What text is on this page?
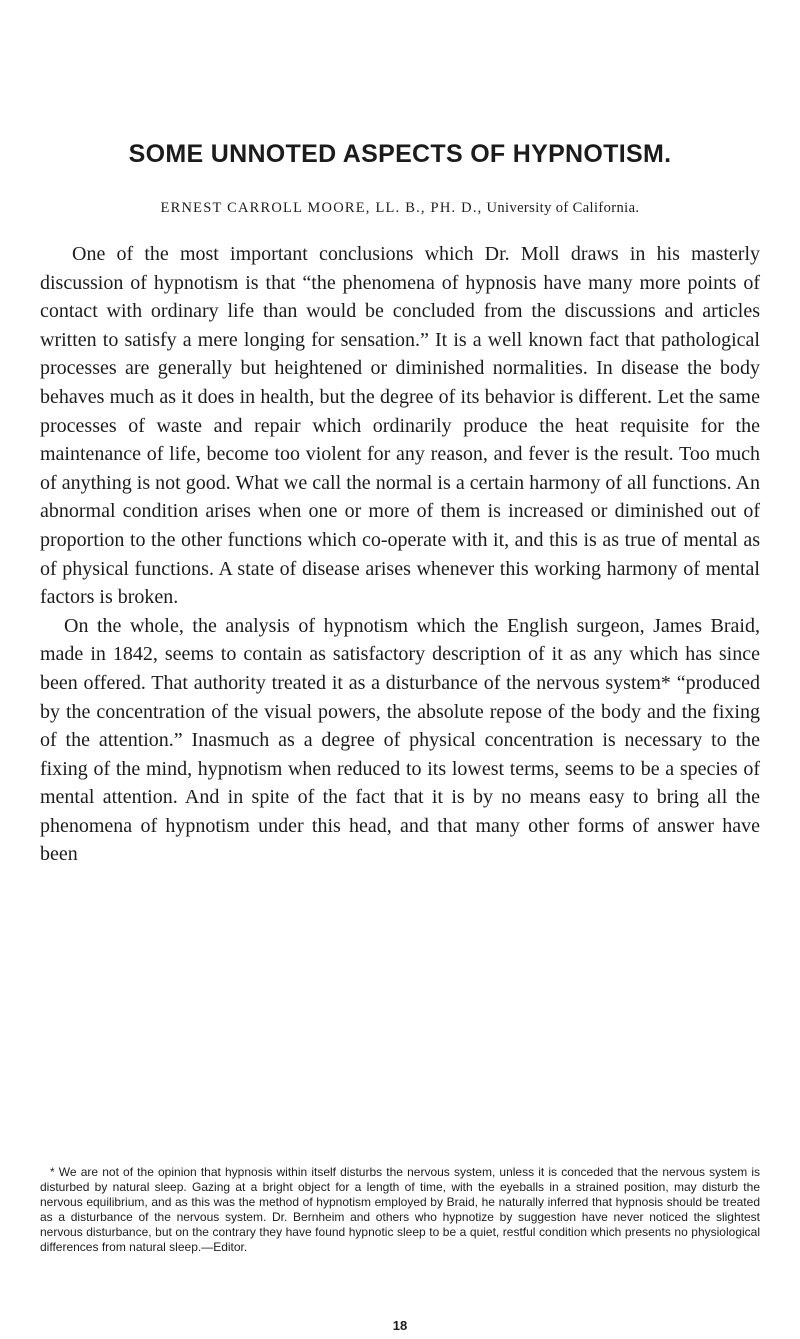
SOME UNNOTED ASPECTS OF HYPNOTISM.
ERNEST CARROLL MOORE, LL. B., PH. D., University of California.

One of the most important conclusions which Dr. Moll draws in his masterly discussion of hypnotism is that “the phenomena of hypnosis have many more points of contact with ordinary life than would be concluded from the discussions and articles written to satisfy a mere longing for sensation.” It is a well known fact that pathological processes are generally but heightened or diminished normalities. In disease the body behaves much as it does in health, but the degree of its behavior is different. Let the same processes of waste and repair which ordinarily produce the heat requisite for the maintenance of life, become too violent for any reason, and fever is the result. Too much of anything is not good. What we call the normal is a certain harmony of all functions. An abnormal condition arises when one or more of them is increased or diminished out of proportion to the other functions which co-operate with it, and this is as true of mental as of physical functions. A state of disease arises whenever this working harmony of mental factors is broken.

On the whole, the analysis of hypnotism which the English surgeon, James Braid, made in 1842, seems to contain as satisfactory description of it as any which has since been offered. That authority treated it as a disturbance of the nervous system* “produced by the concentration of the visual powers, the absolute repose of the body and the fixing of the attention.” Inasmuch as a degree of physical concentration is necessary to the fixing of the mind, hypnotism when reduced to its lowest terms, seems to be a species of mental attention. And in spite of the fact that it is by no means easy to bring all the phenomena of hypnotism under this head, and that many other forms of answer have been

* We are not of the opinion that hypnosis within itself disturbs the nervous system, unless it is conceded that the nervous system is disturbed by natural sleep. Gazing at a bright object for a length of time, with the eyeballs in a strained position, may disturb the nervous equilibrium, and as this was the method of hypnotism employed by Braid, he naturally inferred that hypnosis should be treated as a disturbance of the nervous system. Dr. Bernheim and others who hypnotize by suggestion have never noticed the slightest nervous disturbance, but on the contrary they have found hypnotic sleep to be a quiet, restful condition which presents no physiological differences from natural sleep.—Editor.

18
